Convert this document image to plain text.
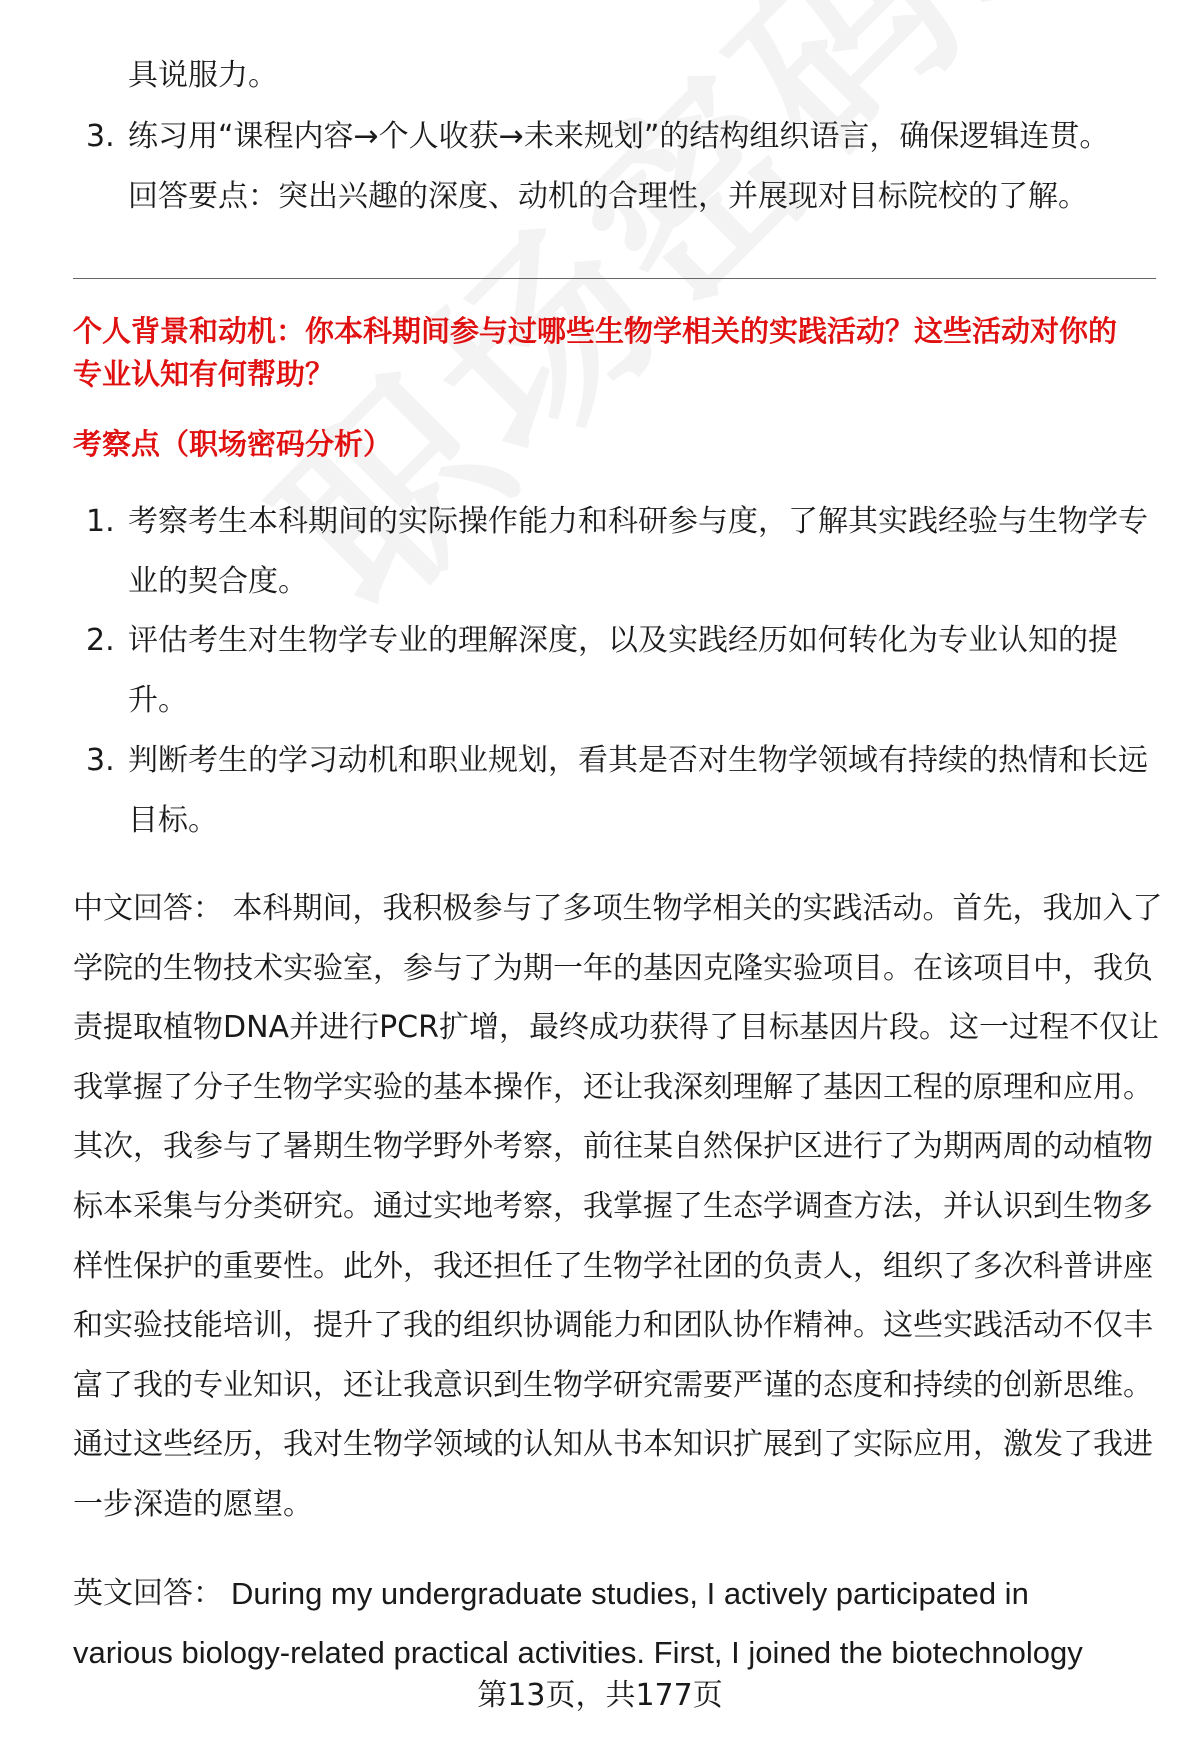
具说服力。
3. 练习用“课程内容→个人收获→未来规划”的结构组织语言，确保逻辑连贯。
回答要点：突出兴趣的深度、动机的合理性，并展现对目标院校的了解。
个人背景和动机：你本科期间参与过哪些生物学相关的实践活动？这些活动对你的
专业认知有何帮助？
考察点（职场密码分析）
1. 考察考生本科期间的实际操作能力和科研参与度，了解其实践经验与生物学专
业的契合度。
2. 评估考生对生物学专业的理解深度，以及实践经历如何转化为专业认知的提
升。
3. 判断考生的学习动机和职业规划，看其是否对生物学领域有持续的热情和长远
目标。
中文回答： 本科期间，我积极参与了多项生物学相关的实践活动。首先，我加入了
学院的生物技术实验室，参与了为期一年的基因克隆实验项目。在该项目中，我负
责提取植物DNA并进行PCR扩增，最终成功获得了目标基因片段。这一过程不仅让
我掌握了分子生物学实验的基本操作，还让我深刻理解了基因工程的原理和应用。
其次，我参与了暑期生物学野外考察，前往某自然保护区进行了为期两周的动植物
标本采集与分类研究。通过实地考察，我掌握了生态学调查方法，并认识到生物多
样性保护的重要性。此外，我还担任了生物学社团的负责人，组织了多次科普讲座
和实验技能培训，提升了我的组织协调能力和团队协作精神。这些实践活动不仅丰
富了我的专业知识，还让我意识到生物学研究需要严谨的态度和持续的创新思维。
通过这些经历，我对生物学领域的认知从书本知识扩展到了实际应用，激发了我进
一步深造的愿望。
英文回答： During my undergraduate studies, I actively participated in
various biology-related practical activities. First, I joined the biotechnology
第13页，共177页
